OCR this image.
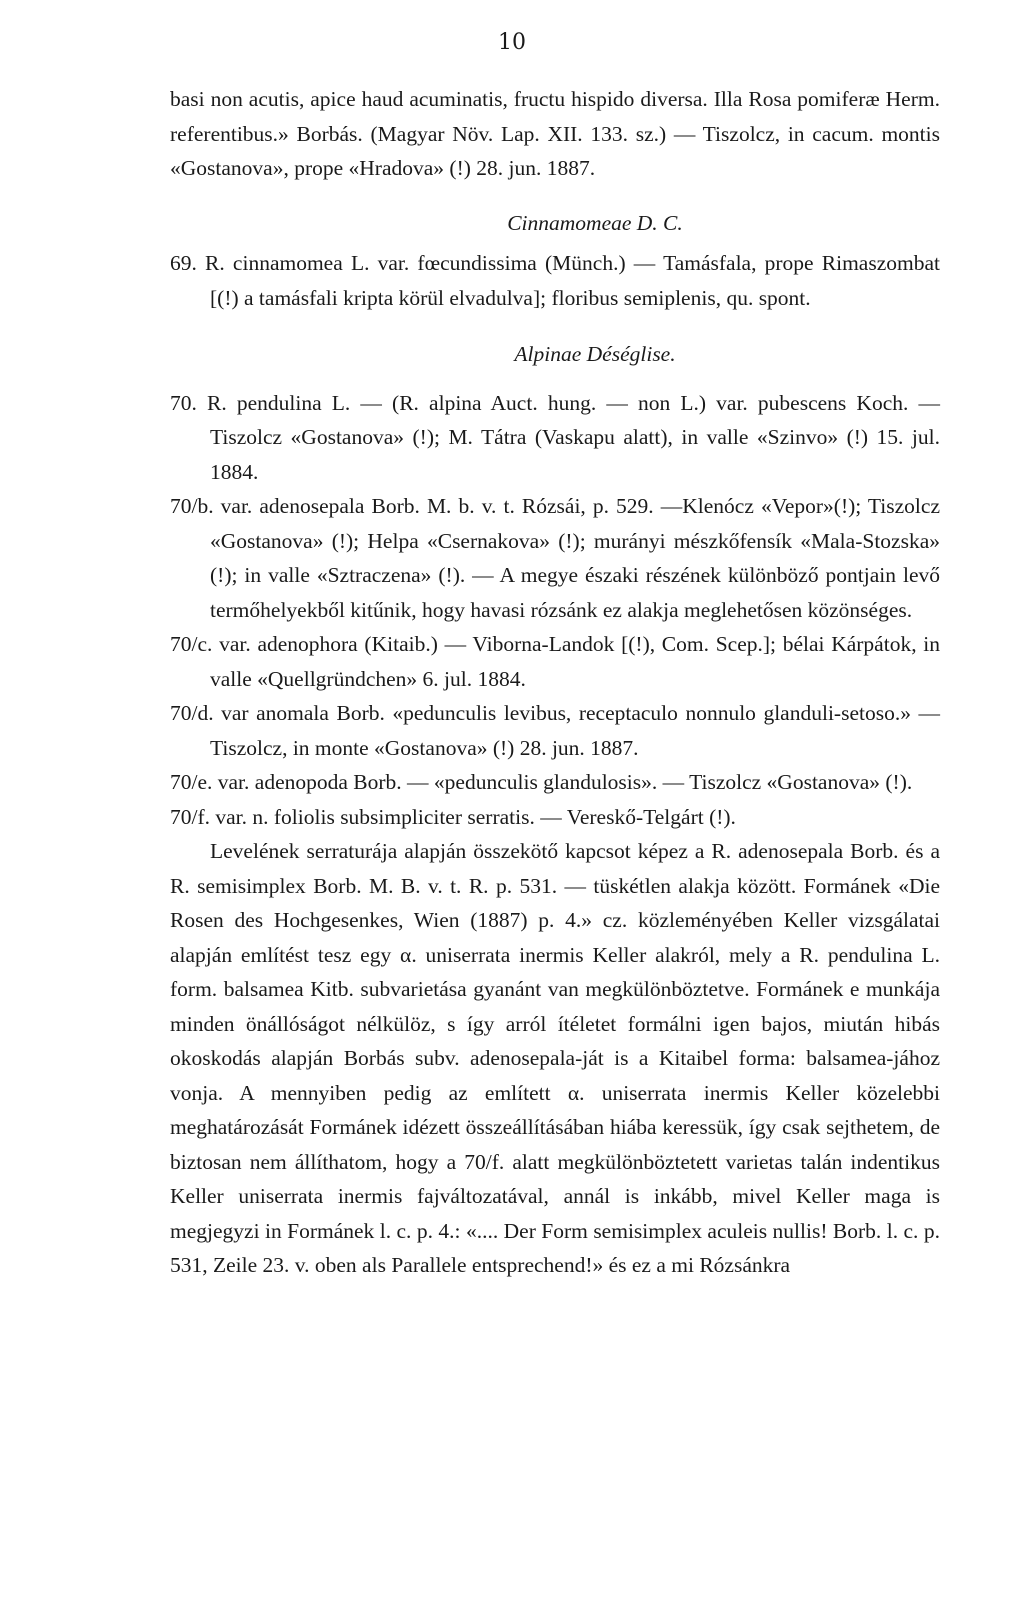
10

basi non acutis, apice haud acuminatis, fructu hispido diversa. Illa Rosa pomiferæ Herm. referentibus.» Borbás. (Magyar Növ. Lap. XII. 133. sz.) — Tiszolcz, in cacum. montis «Gostanova», prope «Hradova» (!) 28. jun. 1887.

Cinnamomeae D. C.

69. R. cinnamomea L. var. fœcundissima (Münch.) — Tamásfala, prope Rimaszombat [(!) a tamásfali kripta körül elvadulva]; floribus semiplenis, qu. spont.

Alpinae Déséglise.

70. R. pendulina L. — (R. alpina Auct. hung. — non L.) var. pubescens Koch. — Tiszolcz «Gostanova» (!); M. Tátra (Vaskapu alatt), in valle «Szinvo» (!) 15. jul. 1884.

70/b. var. adenosepala Borb. M. b. v. t. Rózsái, p. 529. —Klenócz «Vepor»(!); Tiszolcz «Gostanova» (!); Helpa «Csernakova» (!); murányi mészkőfensík «Mala-Stozska» (!); in valle «Sztraczena» (!). — A megye északi részének különböző pontjain levő termőhelyekből kitűnik, hogy havasi rózsánk ez alakja meglehetősen közönséges.

70/c. var. adenophora (Kitaib.) — Viborna-Landok [(!), Com. Scep.]; bélai Kárpátok, in valle «Quellgründchen» 6. jul. 1884.

70/d. var anomala Borb. «pedunculis levibus, receptaculo nonnulo glanduli-setoso.» — Tiszolcz, in monte «Gostanova» (!) 28. jun. 1887.

70/e. var. adenopoda Borb. — «pedunculis glandulosis». — Tiszolcz «Gostanova» (!).

70/f. var. n. foliolis subsimpliciter serratis. — Vereskő-Telgárt (!).

Levelének serraturája alapján összekötő kapcsot képez a R. adenosepala Borb. és a R. semisimplex Borb. M. B. v. t. R. p. 531. — tüskétlen alakja között. Formánek «Die Rosen des Hochgesenkes, Wien (1887) p. 4.» cz. közleményében Keller vizsgálatai alapján említést tesz egy α. uniserrata inermis Keller alakról, mely a R. pendulina L. form. balsamea Kitb. subvarietása gyanánt van megkülönböztetve. Formánek e munkája minden önállóságot nélkülöz, s így arról ítéletet formálni igen bajos, miután hibás okoskodás alapján Borbás subv. adenosepala-ját is a Kitaibel forma: balsamea-jához vonja. A mennyiben pedig az említett α. uniserrata inermis Keller közelebbi meghatározását Formánek idézett összeállításában hiába keressük, így csak sejthetem, de biztosan nem állíthatom, hogy a 70/f. alatt megkülönböztetett varietas talán indentikus Keller uniserrata inermis fajváltozatával, annál is inkább, mivel Keller maga is megjegyzi in Formánek l. c. p. 4.: «.... Der Form semisimplex aculeis nullis! Borb. l. c. p. 531, Zeile 23. v. oben als Parallele entsprechend!» és ez a mi Rózsánkra
